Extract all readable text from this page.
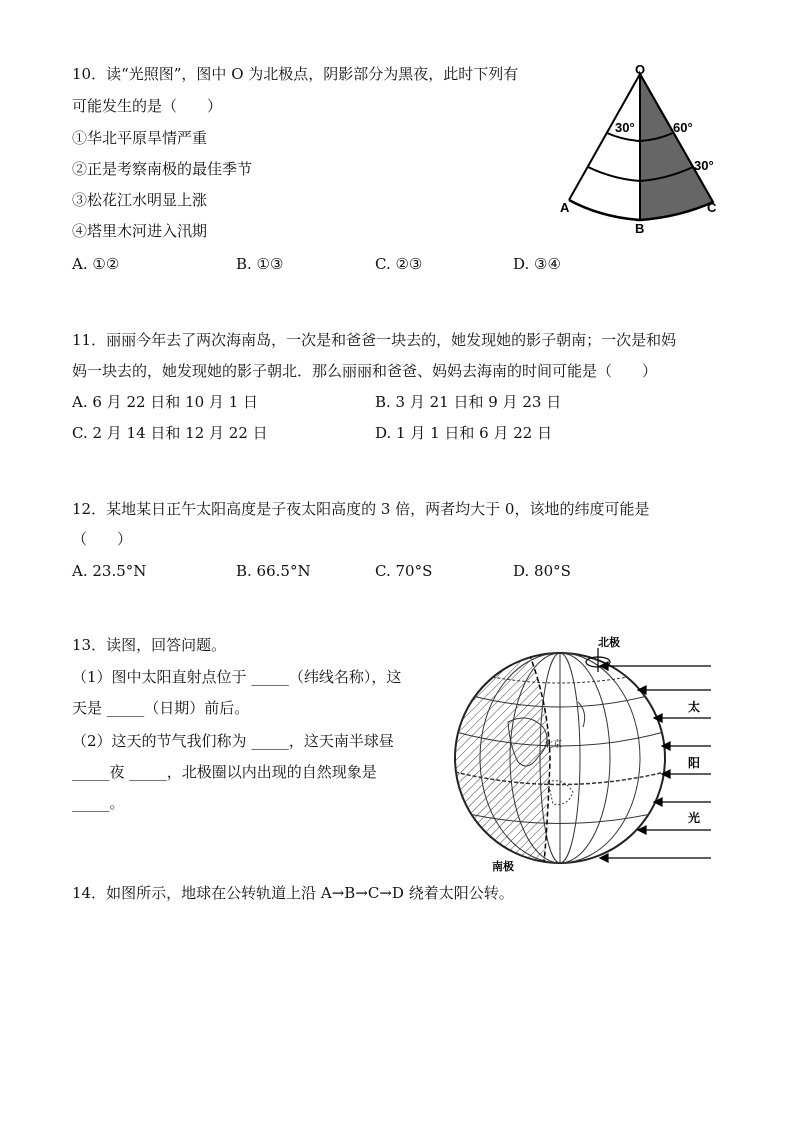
10．读“光照图”，图中 O 为北极点，阴影部分为黑夜，此时下列有
可能发生的是（　　）
①华北平原旱情严重
②正是考察南极的最佳季节
③松花江水明显上涨
④塔里木河进入汛期
A. ①②	B. ①③	C. ②③	D. ③④
O
A
B
C
30°	60°
30°
11．丽丽今年去了两次海南岛，一次是和爸爸一块去的，她发现她的影子朝南；一次是和妈
妈一块去的，她发现她的影子朝北．那么丽丽和爸爸、妈妈去海南的时间可能是（　　）
A. 6 月 22 日和 10 月 1 日	B. 3 月 21 日和 9 月 23 日
C. 2 月 14 日和 12 月 22 日	D. 1 月 1 日和 6 月 22 日
12．某地某日正午太阳高度是子夜太阳高度的 3 倍，两者均大于 0，该地的纬度可能是
（　　）
A. 23.5°N	B. 66.5°N	C. 70°S	D. 80°S
13．读图，回答问题。
（1）图中太阳直射点位于 _____（纬线名称），这
天是 _____（日期）前后。
（2）这天的节气我们称为 _____，这天南半球昼
_____夜 _____，北极圈以内出现的自然现象是
_____。
北极
南极
北京
太
阳
光
14．如图所示，地球在公转轨道上沿 A→B→C→D 绕着太阳公转。
